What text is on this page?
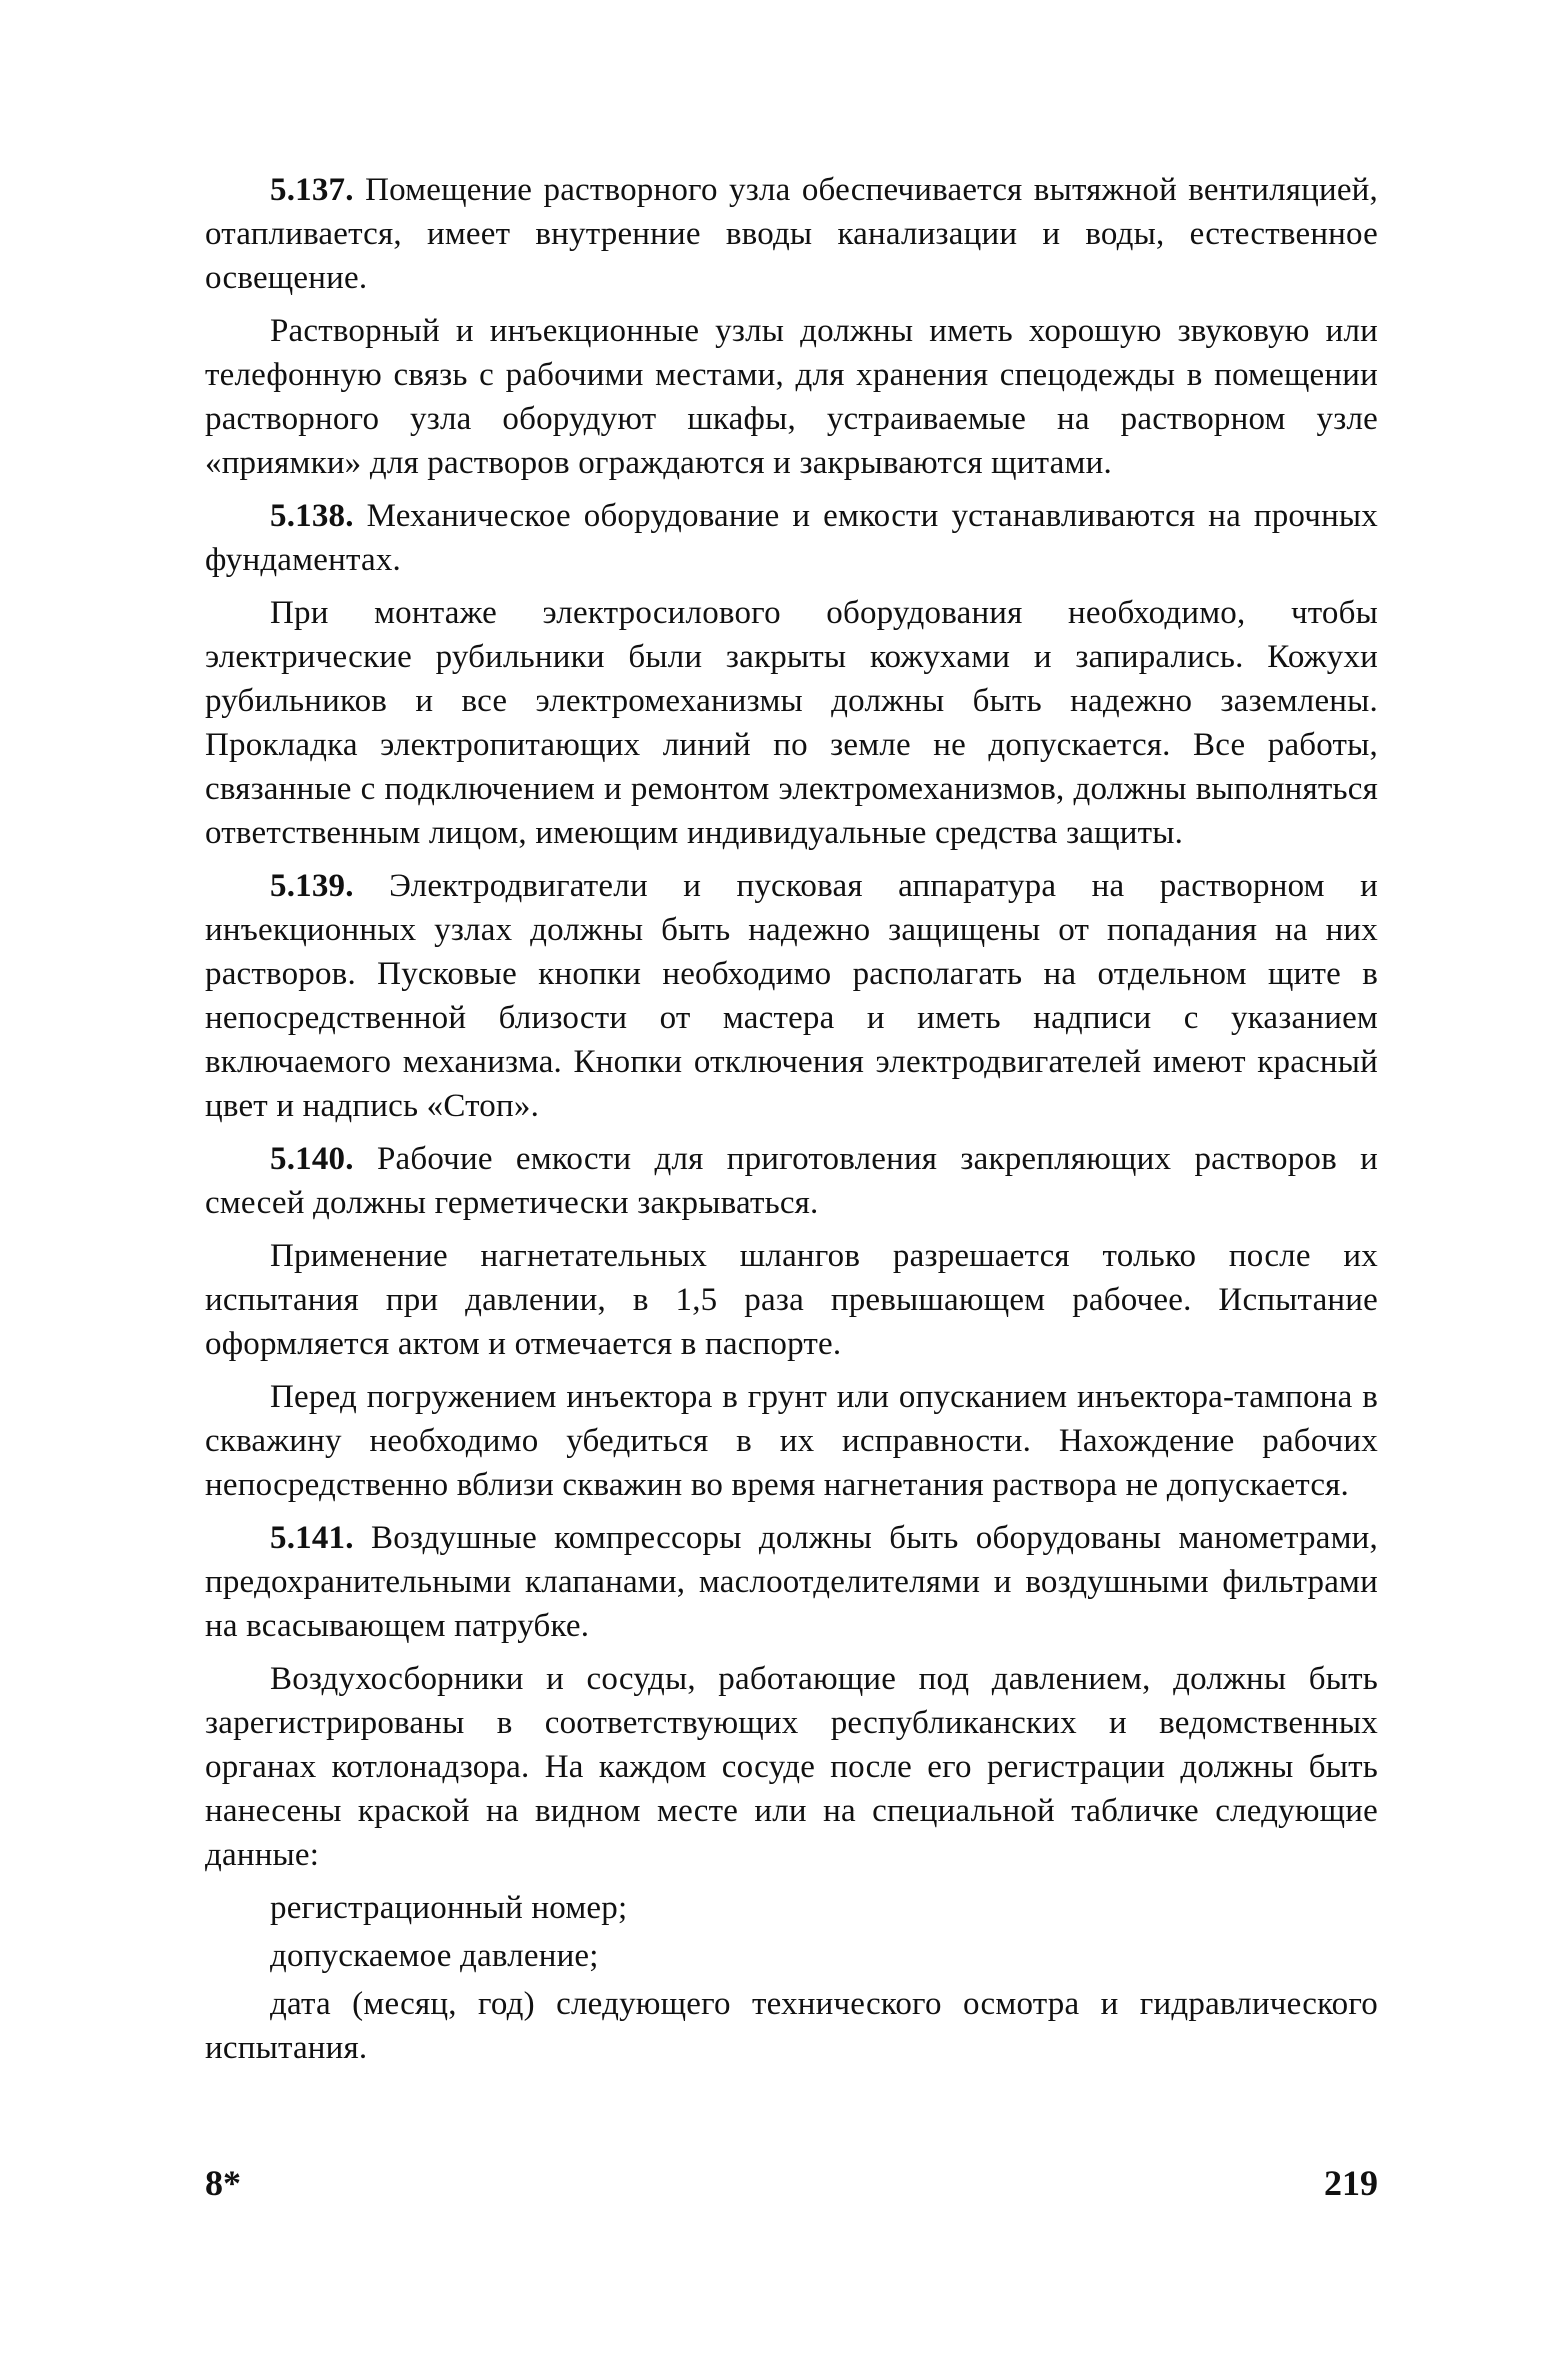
5.137. Помещение растворного узла обеспечивается вытяжной вентиляцией, отапливается, имеет внутренние вводы канализации и воды, естественное освещение.

Растворный и инъекционные узлы должны иметь хорошую звуковую или телефонную связь с рабочими местами, для хранения спецодежды в помещении растворного узла оборудуют шкафы, устраиваемые на растворном узле «приямки» для растворов ограждаются и закрываются щитами.

5.138. Механическое оборудование и емкости устанавливаются на прочных фундаментах.

При монтаже электросилового оборудования необходимо, чтобы электрические рубильники были закрыты кожухами и запирались. Кожухи рубильников и все электромеханизмы должны быть надежно заземлены. Прокладка электропитающих линий по земле не допускается. Все работы, связанные с подключением и ремонтом электромеханизмов, должны выполняться ответственным лицом, имеющим индивидуальные средства защиты.

5.139. Электродвигатели и пусковая аппаратура на растворном и инъекционных узлах должны быть надежно защищены от попадания на них растворов. Пусковые кнопки необходимо располагать на отдельном щите в непосредственной близости от мастера и иметь надписи с указанием включаемого механизма. Кнопки отключения электродвигателей имеют красный цвет и надпись «Стоп».

5.140. Рабочие емкости для приготовления закрепляющих растворов и смесей должны герметически закрываться.

Применение нагнетательных шлангов разрешается только после их испытания при давлении, в 1,5 раза превышающем рабочее. Испытание оформляется актом и отмечается в паспорте.

Перед погружением инъектора в грунт или опусканием инъектора-тампона в скважину необходимо убедиться в их исправности. Нахождение рабочих непосредственно вблизи скважин во время нагнетания раствора не допускается.

5.141. Воздушные компрессоры должны быть оборудованы манометрами, предохранительными клапанами, маслоотделителями и воздушными фильтрами на всасывающем патрубке.

Воздухосборники и сосуды, работающие под давлением, должны быть зарегистрированы в соответствующих республиканских и ведомственных органах котлонадзора. На каждом сосуде после его регистрации должны быть нанесены краской на видном месте или на специальной табличке следующие данные:

регистрационный номер;

допускаемое давление;

дата (месяц, год) следующего технического осмотра и гидравлического испытания.

8*	219
